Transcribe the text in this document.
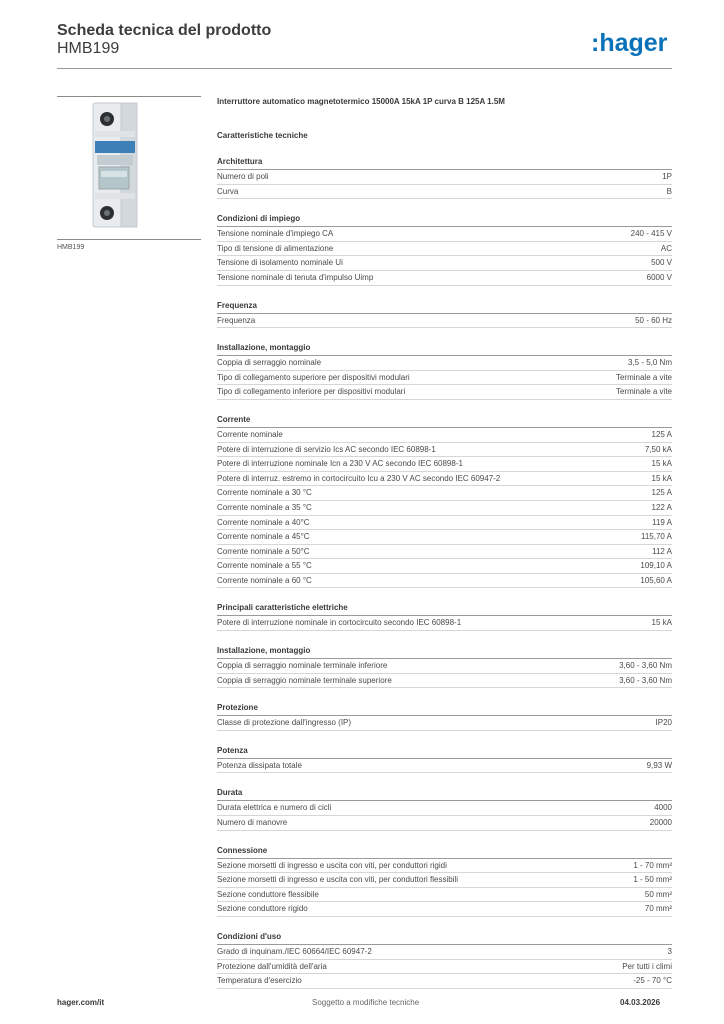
Scheda tecnica del prodotto
HMB199	:hager
HMB199
Interruttore automatico magnetotermico 15000A 15kA 1P curva B 125A 1.5M
Caratteristiche tecniche
Architettura
Numero di poli	1P
Curva	B
Condizioni di impiego
Tensione nominale d'impiego CA	240 - 415 V
Tipo di tensione di alimentazione	AC
Tensione di isolamento nominale Ui	500 V
Tensione nominale di tenuta d'impulso Uimp	6000 V
Frequenza
Frequenza	50 - 60 Hz
Installazione, montaggio
Coppia di serraggio nominale	3,5 - 5,0 Nm
Tipo di collegamento superiore per dispositivi modulari	Terminale a vite
Tipo di collegamento inferiore per dispositivi modulari	Terminale a vite
Corrente
Corrente nominale	125 A
Potere di interruzione di servizio Ics AC secondo IEC 60898-1	7,50 kA
Potere di interruzione nominale Icn a 230 V AC secondo IEC 60898-1	15 kA
Potere di interruz. estremo in cortocircuito Icu a 230 V AC secondo IEC 60947-2	15 kA
Corrente nominale a 30 °C	125 A
Corrente nominale a 35 °C	122 A
Corrente nominale a 40°C	119 A
Corrente nominale a 45°C	115,70 A
Corrente nominale a 50°C	112 A
Corrente nominale a 55 °C	109,10 A
Corrente nominale a 60 °C	105,60 A
Principali caratteristiche elettriche
Potere di interruzione nominale in cortocircuito secondo IEC 60898-1	15 kA
Installazione, montaggio
Coppia di serraggio nominale terminale inferiore	3,60 - 3,60 Nm
Coppia di serraggio nominale terminale superiore	3,60 - 3,60 Nm
Protezione
Classe di protezione dall'ingresso (IP)	IP20
Potenza
Potenza dissipata totale	9,93 W
Durata
Durata elettrica e numero di cicli	4000
Numero di manovre	20000
Connessione
Sezione morsetti di ingresso e uscita con viti, per conduttori rigidi	1 - 70 mm²
Sezione morsetti di ingresso e uscita con viti, per conduttori flessibili	1 - 50 mm²
Sezione conduttore flessibile	50 mm²
Sezione conduttore rigido	70 mm²
Condizioni d'uso
Grado di inquinam./IEC 60664/IEC 60947-2	3
Protezione dall'umidità dell'aria	Per tutti i climi
Temperatura d'esercizio	-25 - 70 °C
hager.com/it	Soggetto a modifiche tecniche	04.03.2026
